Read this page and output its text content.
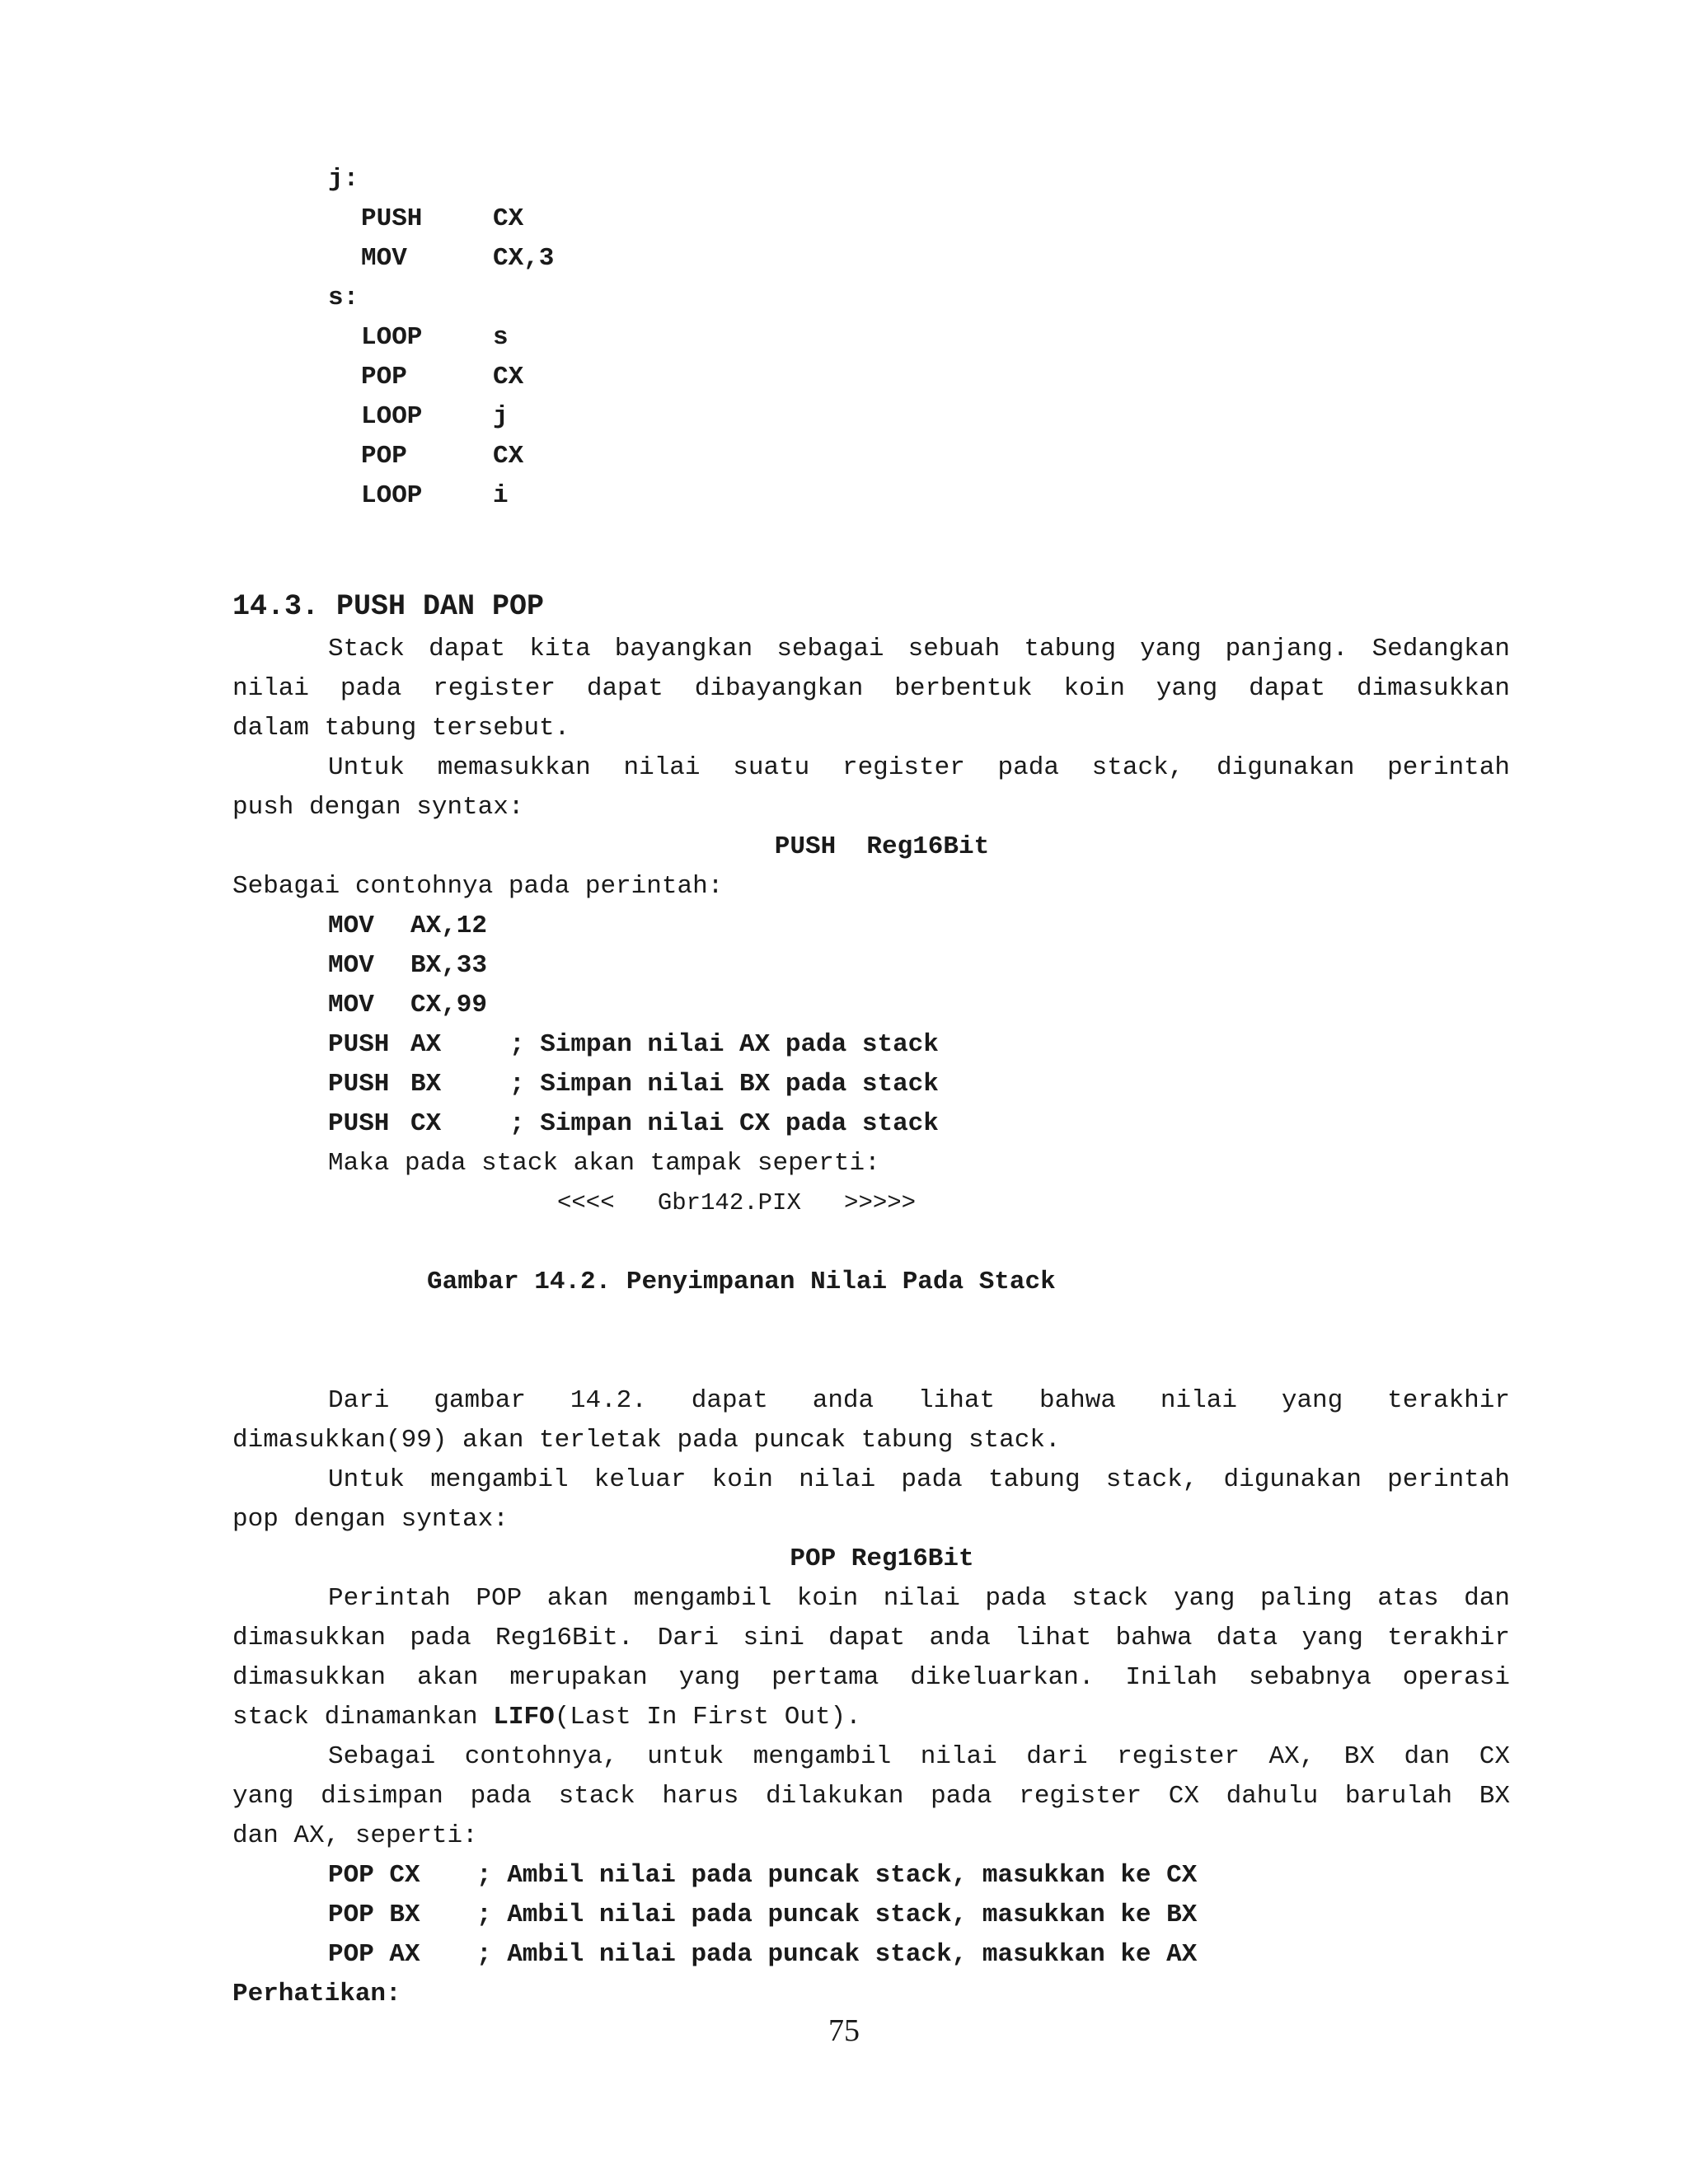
j:
PUSH	CX
MOV	CX,3
s:
LOOP	s
POP	CX
LOOP	j
POP	CX
LOOP	i
14.3. PUSH DAN POP
Stack dapat kita bayangkan sebagai sebuah tabung yang panjang. Sedangkan
nilai pada register dapat dibayangkan berbentuk koin yang dapat dimasukkan
dalam tabung tersebut.
Untuk memasukkan nilai suatu register pada stack, digunakan perintah
push dengan syntax:
PUSH  Reg16Bit
Sebagai contohnya pada perintah:
MOV AX,12
MOV BX,33
MOV CX,99
PUSH AX	; Simpan nilai AX pada stack
PUSH BX	; Simpan nilai BX pada stack
PUSH CX	; Simpan nilai CX pada stack
Maka pada stack akan tampak seperti:
<<<<   Gbr142.PIX   >>>>>
Gambar 14.2. Penyimpanan Nilai Pada Stack
Dari gambar 14.2. dapat anda lihat bahwa nilai yang terakhir
dimasukkan(99) akan terletak pada puncak tabung stack.
Untuk mengambil keluar koin nilai pada tabung stack, digunakan perintah
pop dengan syntax:
POP Reg16Bit
Perintah POP akan mengambil koin nilai pada stack yang paling atas dan
dimasukkan pada Reg16Bit. Dari sini dapat anda lihat bahwa data yang terakhir
dimasukkan akan merupakan yang pertama dikeluarkan. Inilah sebabnya operasi
stack dinamankan LIFO(Last In First Out).
Sebagai contohnya, untuk mengambil nilai dari register AX, BX dan CX
yang disimpan pada stack harus dilakukan pada register CX dahulu barulah BX
dan AX, seperti:
POP CX ; Ambil nilai pada puncak stack, masukkan ke CX
POP BX ; Ambil nilai pada puncak stack, masukkan ke BX
POP AX ; Ambil nilai pada puncak stack, masukkan ke AX
Perhatikan:
75
